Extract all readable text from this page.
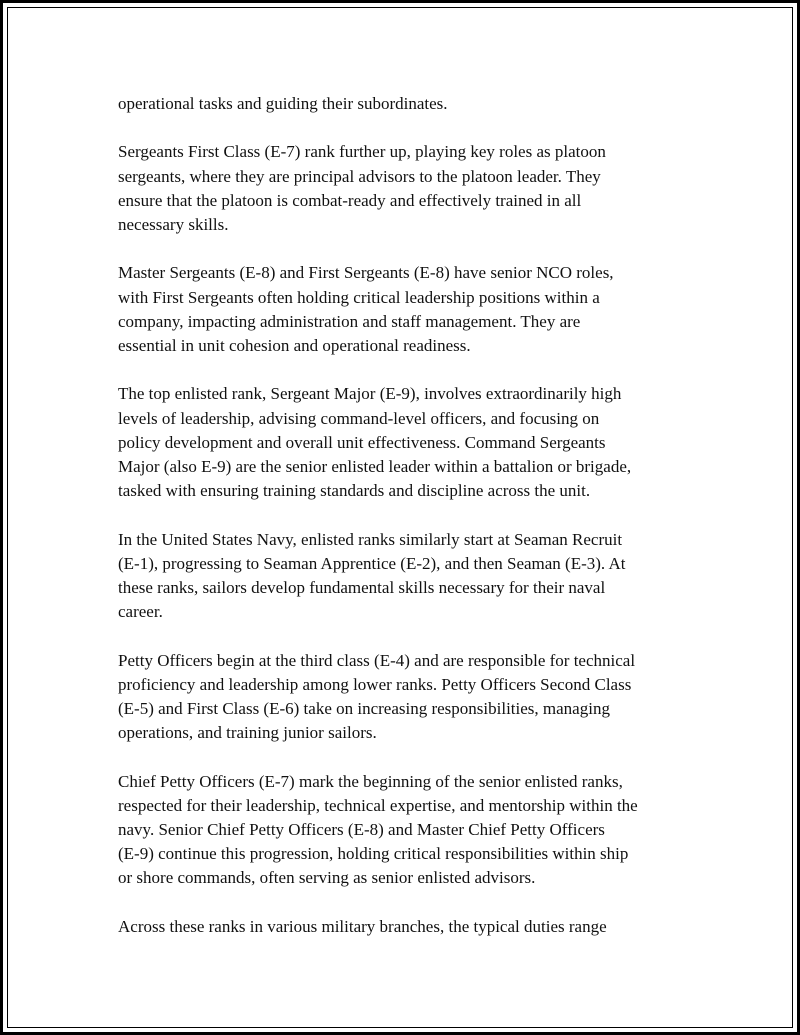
operational tasks and guiding their subordinates.

Sergeants First Class (E-7) rank further up, playing key roles as platoon
sergeants, where they are principal advisors to the platoon leader. They
ensure that the platoon is combat-ready and effectively trained in all
necessary skills.

Master Sergeants (E-8) and First Sergeants (E-8) have senior NCO roles,
with First Sergeants often holding critical leadership positions within a
company, impacting administration and staff management. They are
essential in unit cohesion and operational readiness.

The top enlisted rank, Sergeant Major (E-9), involves extraordinarily high
levels of leadership, advising command-level officers, and focusing on
policy development and overall unit effectiveness. Command Sergeants
Major (also E-9) are the senior enlisted leader within a battalion or brigade,
tasked with ensuring training standards and discipline across the unit.

In the United States Navy, enlisted ranks similarly start at Seaman Recruit
(E-1), progressing to Seaman Apprentice (E-2), and then Seaman (E-3). At
these ranks, sailors develop fundamental skills necessary for their naval
career.

Petty Officers begin at the third class (E-4) and are responsible for technical
proficiency and leadership among lower ranks. Petty Officers Second Class
(E-5) and First Class (E-6) take on increasing responsibilities, managing
operations, and training junior sailors.

Chief Petty Officers (E-7) mark the beginning of the senior enlisted ranks,
respected for their leadership, technical expertise, and mentorship within the
navy. Senior Chief Petty Officers (E-8) and Master Chief Petty Officers
(E-9) continue this progression, holding critical responsibilities within ship
or shore commands, often serving as senior enlisted advisors.

Across these ranks in various military branches, the typical duties range
